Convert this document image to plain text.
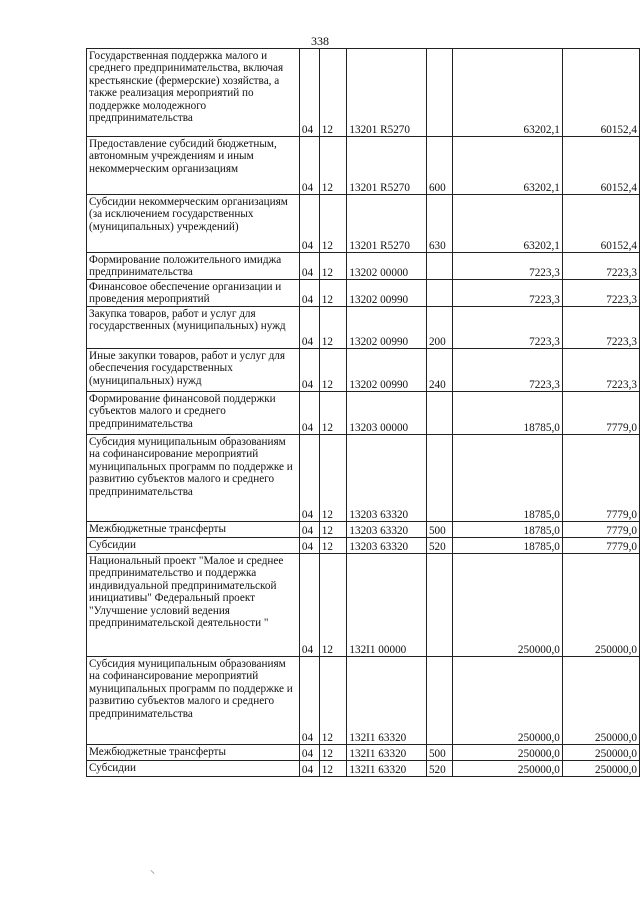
338
Государственная поддержка малого и среднего предпринимательства, включая крестьянские (фермерские) хозяйства, а также реализация мероприятий по поддержке молодежного предпринимательства	04	12	13201 R5270		63202,1	60152,4
Предоставление субсидий бюджетным, автономным учреждениям и иным некоммерческим организациям	04	12	13201 R5270	600	63202,1	60152,4
Субсидии некоммерческим организациям (за исключением государственных (муниципальных) учреждений)	04	12	13201 R5270	630	63202,1	60152,4
Формирование положительного имиджа предпринимательства	04	12	13202 00000		7223,3	7223,3
Финансовое обеспечение организации и проведения мероприятий	04	12	13202 00990		7223,3	7223,3
Закупка товаров, работ и услуг для государственных (муниципальных) нужд	04	12	13202 00990	200	7223,3	7223,3
Иные закупки товаров, работ и услуг для обеспечения государственных (муниципальных) нужд	04	12	13202 00990	240	7223,3	7223,3
Формирование финансовой поддержки субъектов малого и среднего предпринимательства	04	12	13203 00000		18785,0	7779,0
Субсидия муниципальным образованиям на софинансирование мероприятий муниципальных программ по поддержке и развитию субъектов малого и среднего предпринимательства	04	12	13203 63320		18785,0	7779,0
Межбюджетные трансферты	04	12	13203 63320	500	18785,0	7779,0
Субсидии	04	12	13203 63320	520	18785,0	7779,0
Национальный проект "Малое и среднее предпринимательство и поддержка индивидуальной предпринимательской инициативы" Федеральный проект "Улучшение условий ведения предпринимательской деятельности "	04	12	132I1 00000		250000,0	250000,0
Субсидия муниципальным образованиям на софинансирование мероприятий муниципальных программ по поддержке и развитию субъектов малого и среднего предпринимательства	04	12	132I1 63320		250000,0	250000,0
Межбюджетные трансферты	04	12	132I1 63320	500	250000,0	250000,0
Субсидии	04	12	132I1 63320	520	250000,0	250000,0
⸜
